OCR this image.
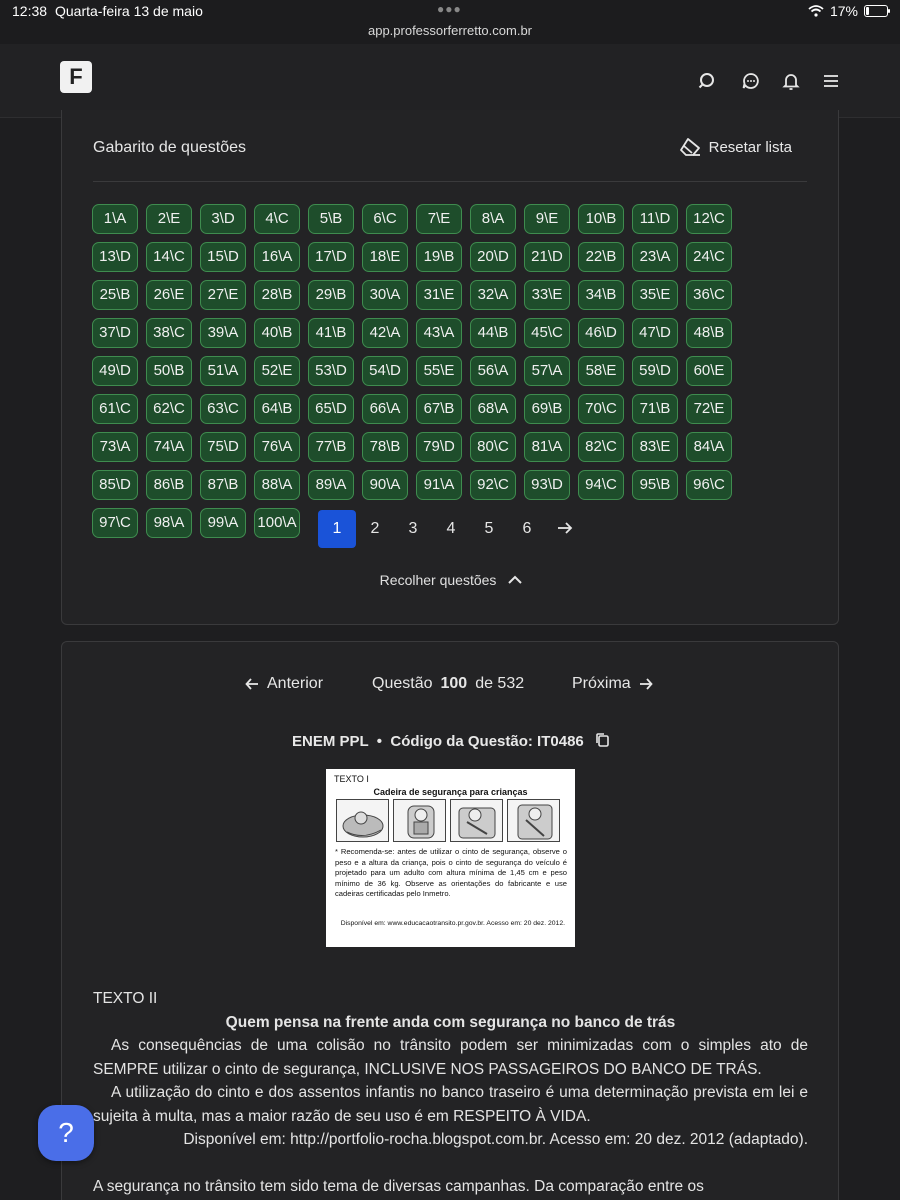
12:38 Quarta-feira 13 de maio	●●●
app.professorferretto.com.br
17%
F
Gabarito de questões	Resetar lista
1\A	2\E	3\D	4\C	5\B	6\C	7\E	8\A	9\E	10\B	11\D	12\C
13\D	14\C	15\D	16\A	17\D	18\E	19\B	20\D	21\D	22\B	23\A	24\C
25\B	26\E	27\E	28\B	29\B	30\A	31\E	32\A	33\E	34\B	35\E	36\C
37\D	38\C	39\A	40\B	41\B	42\A	43\A	44\B	45\C	46\D	47\D	48\B
49\D	50\B	51\A	52\E	53\D	54\D	55\E	56\A	57\A	58\E	59\D	60\E
61\C	62\C	63\C	64\B	65\D	66\A	67\B	68\A	69\B	70\C	71\B	72\E
73\A	74\A	75\D	76\A	77\B	78\B	79\D	80\C	81\A	82\C	83\E	84\A
85\D	86\B	87\B	88\A	89\A	90\A	91\A	92\C	93\D	94\C	95\B	96\C
97\C	98\A	99\A	100\A	1	2	3	4	5	6
Recolher questões
Anterior	Questão 100 de 532	Próxima
ENEM PPL  •  Código da Questão: IT0486
TEXTO I
Cadeira de segurança para crianças
* Recomenda-se: antes de utilizar o cinto de segurança, observe o peso e a altura da criança, pois o cinto de segurança do veículo é projetado para um adulto com altura mínima de 1,45 cm e peso mínimo de 36 kg. Observe as orientações do fabricante e use cadeiras certificadas pelo Inmetro.
Disponível em: www.educacaotransito.pr.gov.br. Acesso em: 20 dez. 2012.
TEXTO II
Quem pensa na frente anda com segurança no banco de trás
As consequências de uma colisão no trânsito podem ser minimizadas com o simples ato de SEMPRE utilizar o cinto de segurança, INCLUSIVE NOS PASSAGEIROS DO BANCO DE TRÁS.
A utilização do cinto e dos assentos infantis no banco traseiro é uma determinação prevista em lei e sujeita à multa, mas a maior razão de seu uso é em RESPEITO À VIDA.
Disponível em: http://portfolio-rocha.blogspot.com.br. Acesso em: 20 dez. 2012 (adaptado).
A segurança no trânsito tem sido tema de diversas campanhas. Da comparação entre os
?
